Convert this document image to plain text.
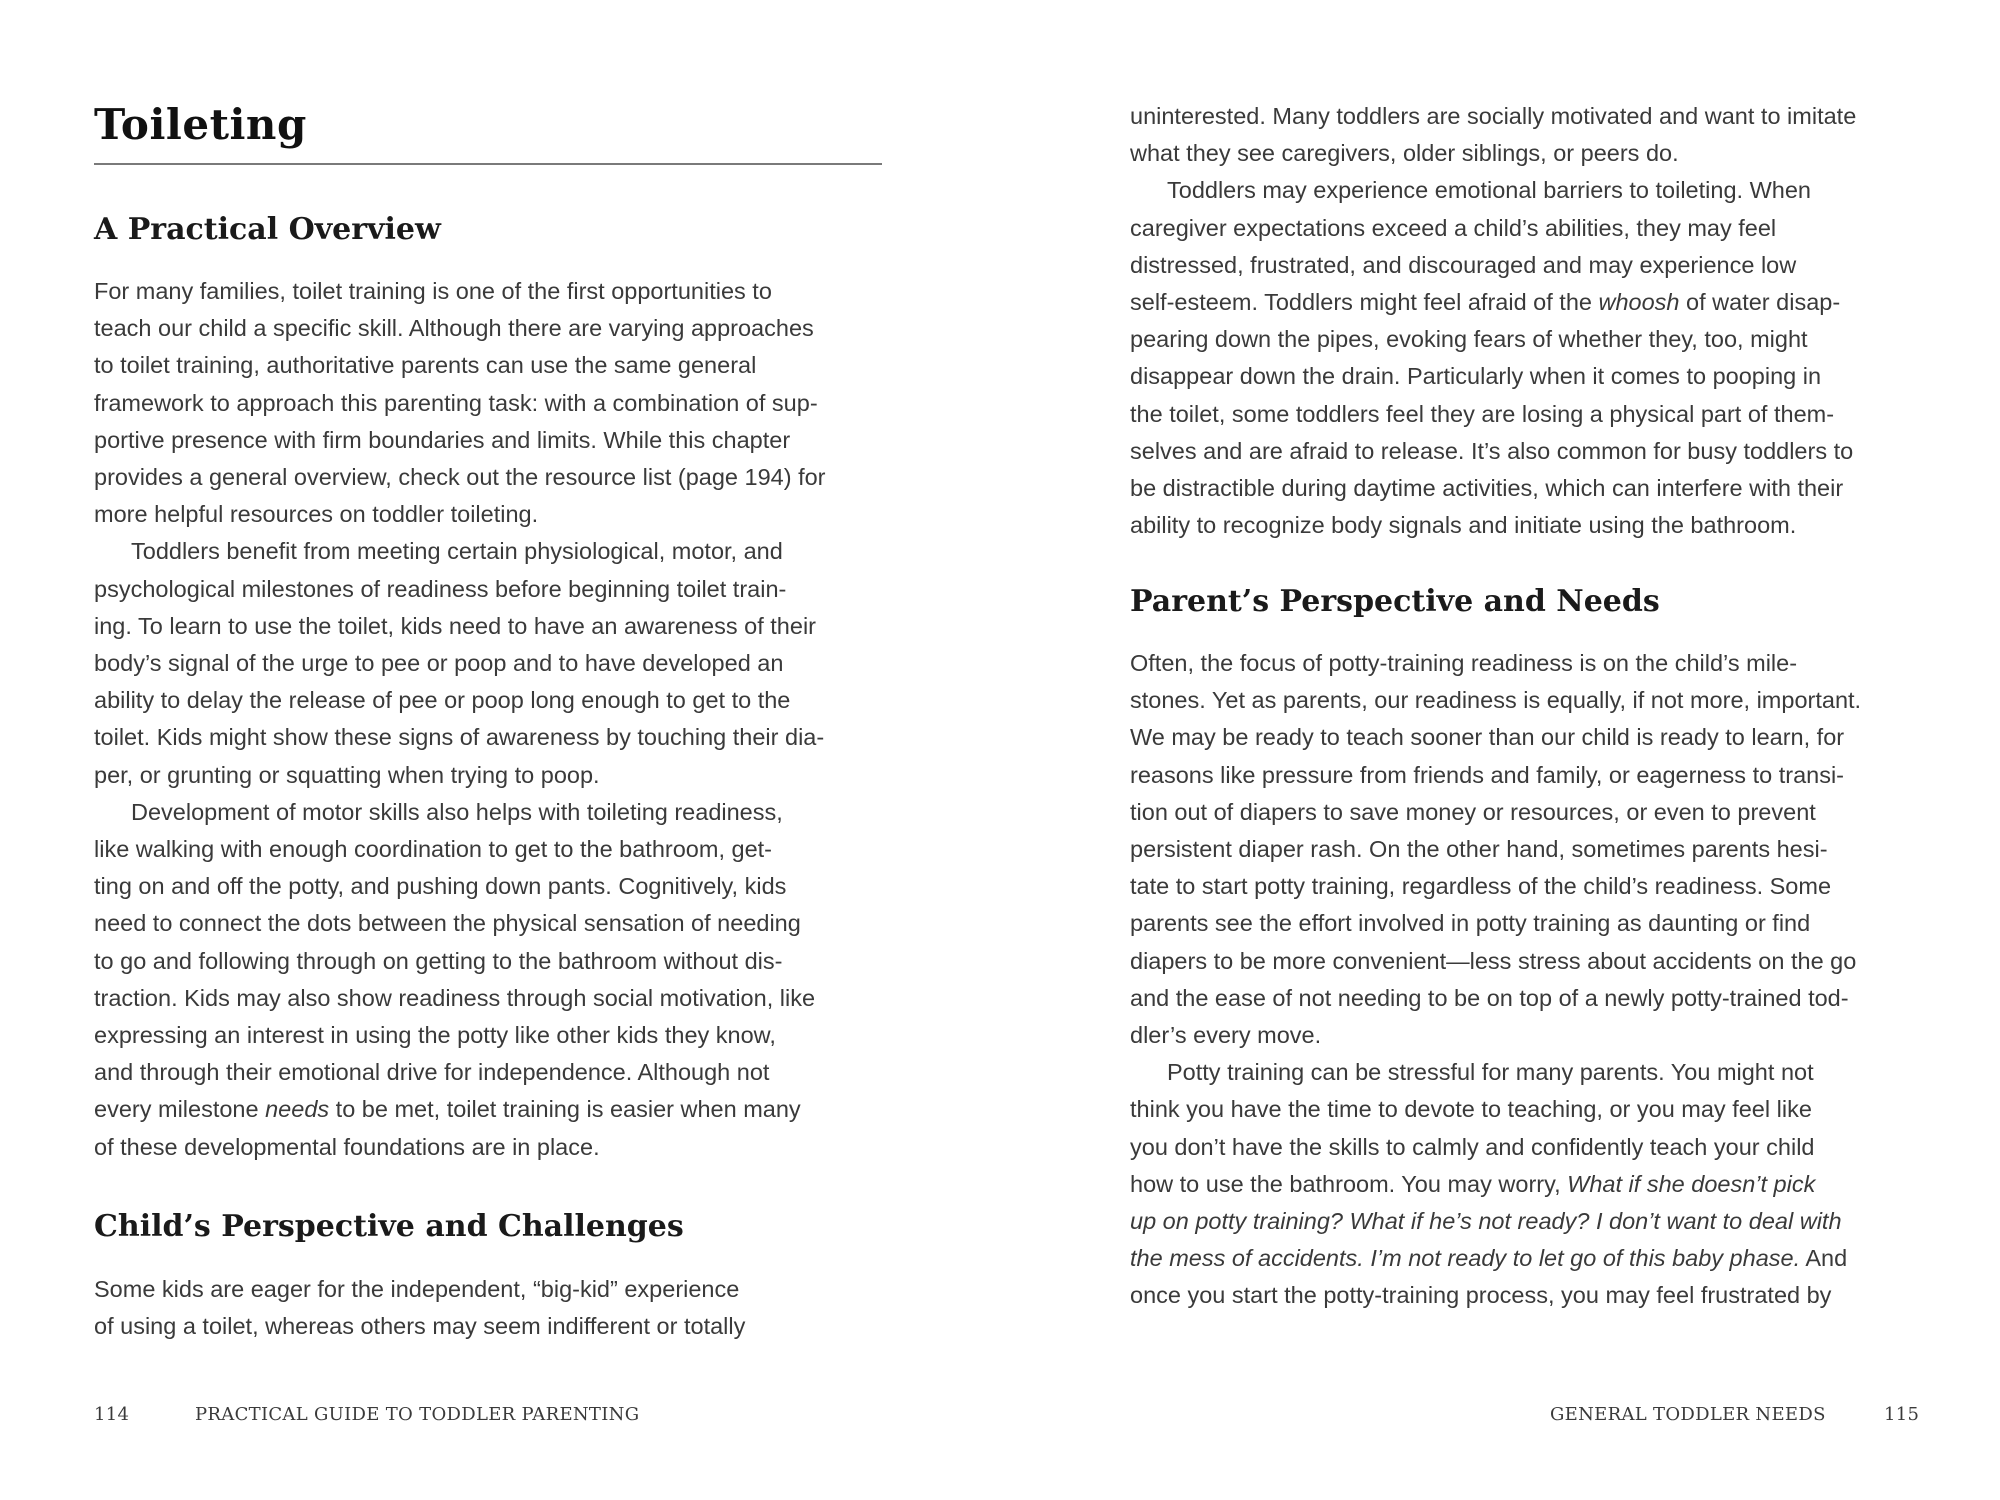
Toileting
A Practical Overview
For many families, toilet training is one of the first opportunities to
teach our child a specific skill. Although there are varying approaches
to toilet training, authoritative parents can use the same general
framework to approach this parenting task: with a combination of sup-
portive presence with firm boundaries and limits. While this chapter
provides a general overview, check out the resource list (page 194) for
more helpful resources on toddler toileting.
Toddlers benefit from meeting certain physiological, motor, and
psychological milestones of readiness before beginning toilet train-
ing. To learn to use the toilet, kids need to have an awareness of their
body’s signal of the urge to pee or poop and to have developed an
ability to delay the release of pee or poop long enough to get to the
toilet. Kids might show these signs of awareness by touching their dia-
per, or grunting or squatting when trying to poop.
Development of motor skills also helps with toileting readiness,
like walking with enough coordination to get to the bathroom, get-
ting on and off the potty, and pushing down pants. Cognitively, kids
need to connect the dots between the physical sensation of needing
to go and following through on getting to the bathroom without dis-
traction. Kids may also show readiness through social motivation, like
expressing an interest in using the potty like other kids they know,
and through their emotional drive for independence. Although not
every milestone needs to be met, toilet training is easier when many
of these developmental foundations are in place.
Child’s Perspective and Challenges
Some kids are eager for the independent, “big-kid” experience
of using a toilet, whereas others may seem indifferent or totally
114	PRACTICAL GUIDE TO TODDLER PARENTING
uninterested. Many toddlers are socially motivated and want to imitate
what they see caregivers, older siblings, or peers do.
Toddlers may experience emotional barriers to toileting. When
caregiver expectations exceed a child’s abilities, they may feel
distressed, frustrated, and discouraged and may experience low
self-esteem. Toddlers might feel afraid of the whoosh of water disap-
pearing down the pipes, evoking fears of whether they, too, might
disappear down the drain. Particularly when it comes to pooping in
the toilet, some toddlers feel they are losing a physical part of them-
selves and are afraid to release. It’s also common for busy toddlers to
be distractible during daytime activities, which can interfere with their
ability to recognize body signals and initiate using the bathroom.
Parent’s Perspective and Needs
Often, the focus of potty-training readiness is on the child’s mile-
stones. Yet as parents, our readiness is equally, if not more, important.
We may be ready to teach sooner than our child is ready to learn, for
reasons like pressure from friends and family, or eagerness to transi-
tion out of diapers to save money or resources, or even to prevent
persistent diaper rash. On the other hand, sometimes parents hesi-
tate to start potty training, regardless of the child’s readiness. Some
parents see the effort involved in potty training as daunting or find
diapers to be more convenient—less stress about accidents on the go
and the ease of not needing to be on top of a newly potty-trained tod-
dler’s every move.
Potty training can be stressful for many parents. You might not
think you have the time to devote to teaching, or you may feel like
you don’t have the skills to calmly and confidently teach your child
how to use the bathroom. You may worry, What if she doesn’t pick
up on potty training? What if he’s not ready? I don’t want to deal with
the mess of accidents. I’m not ready to let go of this baby phase. And
once you start the potty-training process, you may feel frustrated by
GENERAL TODDLER NEEDS	115
